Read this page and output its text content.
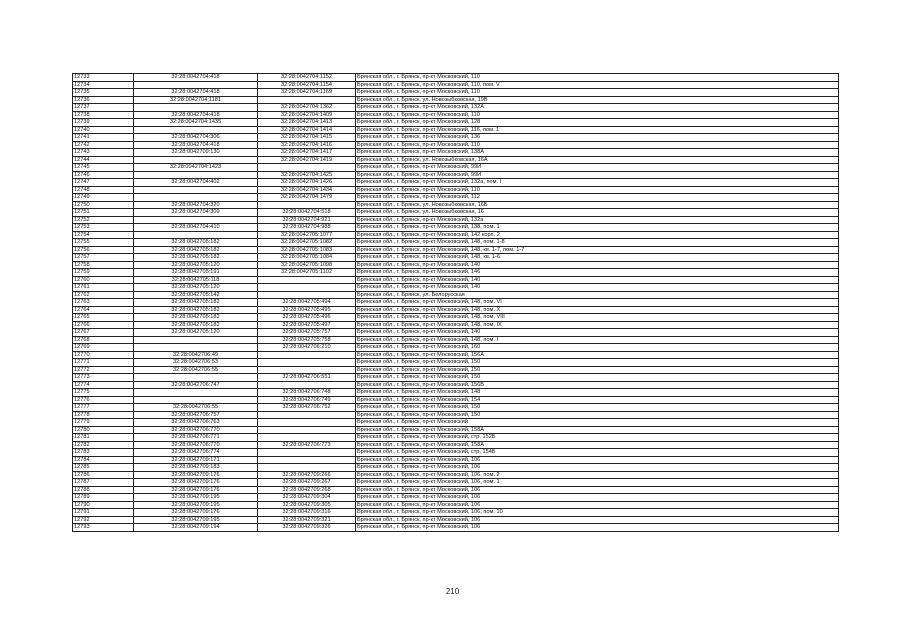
12733	32:28:0042704:418	32:28:0042704:1152	Брянская обл., г. Брянск, пр-кт Московский, 110
12734		32:28:0042704:1154	Брянская обл., г. Брянск, пр-кт Московский, 110, пом. V
12735	32:28:0042704:418	32:28:0042704:1169	Брянская обл., г. Брянск, пр-кт Московский, 110
12736	32:28:0042704:1181		Брянская обл., г. Брянск, ул. Новозыбковская, 19В
12737		32:28:0042704:1362	Брянская обл., г. Брянск, пр-кт Московский, 132А
12738	32:28:0042704:418	32:28:0042704:1409	Брянская обл., г. Брянск, пр-кт Московский, 110
12739	32:28:0042704:1435	32:28:0042704:1413	Брянская обл., г. Брянск, пр-кт Московский, 128
12740		32:28:0042704:1414	Брянская обл., г. Брянск, пр-кт Московский, 116, пом. 1
12741	32:28:0042704:306	32:28:0042704:1415	Брянская обл., г. Брянск, пр-кт Московский, 136
12742	32:28:0042704:418	32:28:0042704:1416	Брянская обл., г. Брянск, пр-кт Московский, 110
12743	32:28:0042709:130	32:28:0042704:1417	Брянская обл., г. Брянск, пр-кт Московский, 138А
12744		32:28:0042704:1419	Брянская обл., г. Брянск, ул. Новозыбковская, 16А
12745	32:28:0042704:1423		Брянская обл., г. Брянск, пр-кт Московский, 99И
12746		32:28:0042704:1425	Брянская обл., г. Брянск, пр-кт Московский, 99И
12747	32:28:0042704:402	32:28:0042704:1426	Брянская обл., г. Брянск, пр-кт Московский, 132а, пом. I
12748		32:28:0042704:1434	Брянская обл., г. Брянск, пр-кт Московский, 110
12749		32:28:0042704:1479	Брянская обл., г. Брянск, пр-кт Московский, 112
12750	32:28:0042704:320		Брянская обл., г. Брянск, ул. Новозыбковская, 16Б
12751	32:28:0042704:309	32:28:0042704:518	Брянская обл., г. Брянск, ул. Новозыбковская, 16
12752		32:28:0042704:921	Брянская обл., г. Брянск, пр-кт Московский, 132а
12753	32:28:0042704:410	32:28:0042704:988	Брянская обл., г. Брянск, пр-кт Московский, 138, пом. 1
12754		32:28:0042705:1077	Брянская обл., г. Брянск, пр-кт Московский, 142 корп. 2
12755	32:28:0042705:182	32:28:0042705:1082	Брянская обл., г. Брянск, пр-кт Московский, 148, пом. 1-8
12756	32:28:0042705:182	32:28:0042705:1083	Брянская обл., г. Брянск, пр-кт Московский, 148, кв. 1-7, пом. 1-7
12757	32:28:0042705:182	32:28:0042705:1084	Брянская обл., г. Брянск, пр-кт Московский, 148, кв. 1-6
12758	32:28:0042705:120	32:28:0042705:1098	Брянская обл., г. Брянск, пр-кт Московский, 140
12759	32:28:0042705:191	32:28:0042705:1102	Брянская обл., г. Брянск, пр-кт Московский, 146
12760	32:28:0042705:118		Брянская обл., г. Брянск, пр-кт Московский, 140
12761	32:28:0042705:120		Брянская обл., г. Брянск, пр-кт Московский, 140
12762	32:28:0042705:142		Брянская обл., г. Брянск, ул. Белорусская
12763	32:28:0042705:182	32:28:0042705:494	Брянская обл., г. Брянск, пр-кт Московский, 148, пом. VI
12764	32:28:0042705:182	32:28:0042705:495	Брянская обл., г. Брянск, пр-кт Московский, 148, пом. X
12765	32:28:0042705:182	32:28:0042705:496	Брянская обл., г. Брянск, пр-кт Московский, 148, пом. VIII
12766	32:28:0042705:182	32:28:0042705:497	Брянская обл., г. Брянск, пр-кт Московский, 148, пом. IX
12767	32:28:0042705:120	32:28:0042705:757	Брянская обл., г. Брянск, пр-кт Московский, 140
12768		32:28:0042705:758	Брянская обл., г. Брянск, пр-кт Московский, 148, пом. I
12769		32:28:0042706:210	Брянская обл., г. Брянск, пр-кт Московский, 160
12770	32:28:0042706:49		Брянская обл., г. Брянск, пр-кт Московский, 156А
12771	32:28:0042706:53		Брянская обл., г. Брянск, пр-кт Московский, 150
12772	32:28:0042706:55		Брянская обл., г. Брянск, пр-кт Московский, 150
12773		32:28:0042706:551	Брянская обл., г. Брянск, пр-кт Московский, 150
12774	32:28:0042706:747		Брянская обл., г. Брянск, пр-кт Московский, 156В
12775		32:28:0042706:748	Брянская обл., г. Брянск, пр-кт Московский, 148
12776		32:28:0042706:749	Брянская обл., г. Брянск, пр-кт Московский, 154
12777	32:28:0042706:55	32:28:0042706:752	Брянская обл., г. Брянск, пр-кт Московский, 150
12778	32:28:0042706:757		Брянская обл., г. Брянск, пр-кт Московский, 150
12779	32:28:0042706:763		Брянская обл., г. Брянск, пр-кт Московский
12780	32:28:0042706:770		Брянская обл., г. Брянск, пр-кт Московский, 158А
12781	32:28:0042706:771		Брянская обл., г. Брянск, пр-кт Московский, стр. 152Б
12782	32:28:0042706:770	32:28:0042706:773	Брянская обл., г. Брянск, пр-кт Московский, 158А
12783	32:28:0042706:774		Брянская обл., г. Брянск, пр-кт Московский, стр. 154Б
12784	32:28:0042709:171		Брянская обл., г. Брянск, пр-кт Московский, 106
12785	32:28:0042709:183		Брянская обл., г. Брянск, пр-кт Московский, 106
12786	32:28:0042709:176	32:28:0042709:266	Брянская обл., г. Брянск, пр-кт Московский, 106, пом. 2
12787	32:28:0042709:176	32:28:0042709:267	Брянская обл., г. Брянск, пр-кт Московский, 106, пом. 1
12788	32:28:0042709:176	32:28:0042709:268	Брянская обл., г. Брянск, пр-кт Московский, 106
12789	32:28:0042709:195	32:28:0042709:304	Брянская обл., г. Брянск, пр-кт Московский, 106
12790	32:28:0042709:195	32:28:0042709:305	Брянская обл., г. Брянск, пр-кт Московский, 106
12791	32:28:0042709:176	32:28:0042709:316	Брянская обл., г. Брянск, пр-кт Московский, 106, пом. 10
12792	32:28:0042709:195	32:28:0042709:321	Брянская обл., г. Брянск, пр-кт Московский, 106
12793	32:28:0042709:194	32:28:0042709:326	Брянская обл., г. Брянск, пр-кт Московский, 106
210
